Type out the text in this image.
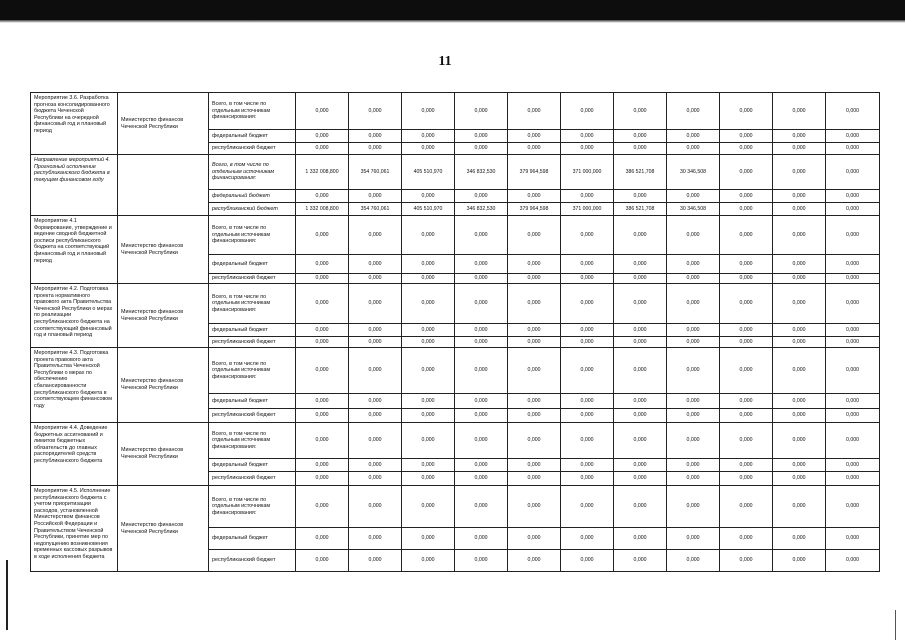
11
Мероприятие 3.6. Разработка прогноза консолидированного бюджета Чеченской Республики на очередной финансовый год и плановый период	Министерство финансов Чеченской Республики	Всего, в том числе по отдельным источникам финансирования:	0,000	0,000	0,000	0,000	0,000	0,000	0,000	0,000	0,000	0,000	0,000
		федеральный бюджет	0,000	0,000	0,000	0,000	0,000	0,000	0,000	0,000	0,000	0,000	0,000
		республиканский бюджет	0,000	0,000	0,000	0,000	0,000	0,000	0,000	0,000	0,000	0,000	0,000
Направление мероприятий 4. Прогнозный исполнение республиканского бюджета в текущем финансовом году		Всего, в том числе по отдельным источникам финансирования:	1 332 008,800	354 760,061	405 510,970	346 832,530	379 964,598	371 000,000	386 521,708	30 346,508	0,000	0,000	0,000
		федеральный бюджет	0,000	0,000	0,000	0,000	0,000	0,000	0,000	0,000	0,000	0,000	0,000
		республиканский бюджет	1 332 008,800	354 760,061	405 510,970	346 832,530	379 964,598	371 000,000	386 521,708	30 346,508	0,000	0,000	0,000
Мероприятие 4.1 Формирование, утверждение и ведение сводной бюджетной росписи республиканского бюджета на соответствующий финансовый год и плановый период	Министерство финансов Чеченской Республики	Всего, в том числе по отдельным источникам финансирования:	0,000	0,000	0,000	0,000	0,000	0,000	0,000	0,000	0,000	0,000	0,000
		федеральный бюджет	0,000	0,000	0,000	0,000	0,000	0,000	0,000	0,000	0,000	0,000	0,000
		республиканский бюджет	0,000	0,000	0,000	0,000	0,000	0,000	0,000	0,000	0,000	0,000	0,000
Мероприятие 4.2. Подготовка проекта нормативного правового акта Правительства Чеченской Республики о мерах по реализации республиканского бюджета на соответствующий финансовый год и плановый период	Министерство финансов Чеченской Республики	Всего, в том числе по отдельным источникам финансирования:	0,000	0,000	0,000	0,000	0,000	0,000	0,000	0,000	0,000	0,000	0,000
		федеральный бюджет	0,000	0,000	0,000	0,000	0,000	0,000	0,000	0,000	0,000	0,000	0,000
		республиканский бюджет	0,000	0,000	0,000	0,000	0,000	0,000	0,000	0,000	0,000	0,000	0,000
Мероприятие 4.3. Подготовка проекта правового акта Правительства Чеченской Республики о мерах по обеспечению сбалансированности республиканского бюджета в соответствующем финансовом году	Министерство финансов Чеченской Республики	Всего, в том числе по отдельным источникам финансирования:	0,000	0,000	0,000	0,000	0,000	0,000	0,000	0,000	0,000	0,000	0,000
		федеральный бюджет	0,000	0,000	0,000	0,000	0,000	0,000	0,000	0,000	0,000	0,000	0,000
		республиканский бюджет	0,000	0,000	0,000	0,000	0,000	0,000	0,000	0,000	0,000	0,000	0,000
Мероприятие 4.4. Доведение бюджетных ассигнований и лимитов бюджетных обязательств до главных распорядителей средств республиканского бюджета	Министерство финансов Чеченской Республики	Всего, в том числе по отдельным источникам финансирования:	0,000	0,000	0,000	0,000	0,000	0,000	0,000	0,000	0,000	0,000	0,000
		федеральный бюджет	0,000	0,000	0,000	0,000	0,000	0,000	0,000	0,000	0,000	0,000	0,000
		республиканский бюджет	0,000	0,000	0,000	0,000	0,000	0,000	0,000	0,000	0,000	0,000	0,000
Мероприятие 4.5. Исполнение республиканского бюджета с учетом приоритизации расходов, установленной Министерством финансов Российской Федерации и Правительством Чеченской Республики, принятие мер по недопущению возникновения временных кассовых разрывов в ходе исполнения бюджета	Министерство финансов Чеченской Республики	Всего, в том числе по отдельным источникам финансирования:	0,000	0,000	0,000	0,000	0,000	0,000	0,000	0,000	0,000	0,000	0,000
		федеральный бюджет	0,000	0,000	0,000	0,000	0,000	0,000	0,000	0,000	0,000	0,000	0,000
		республиканский бюджет	0,000	0,000	0,000	0,000	0,000	0,000	0,000	0,000	0,000	0,000	0,000
